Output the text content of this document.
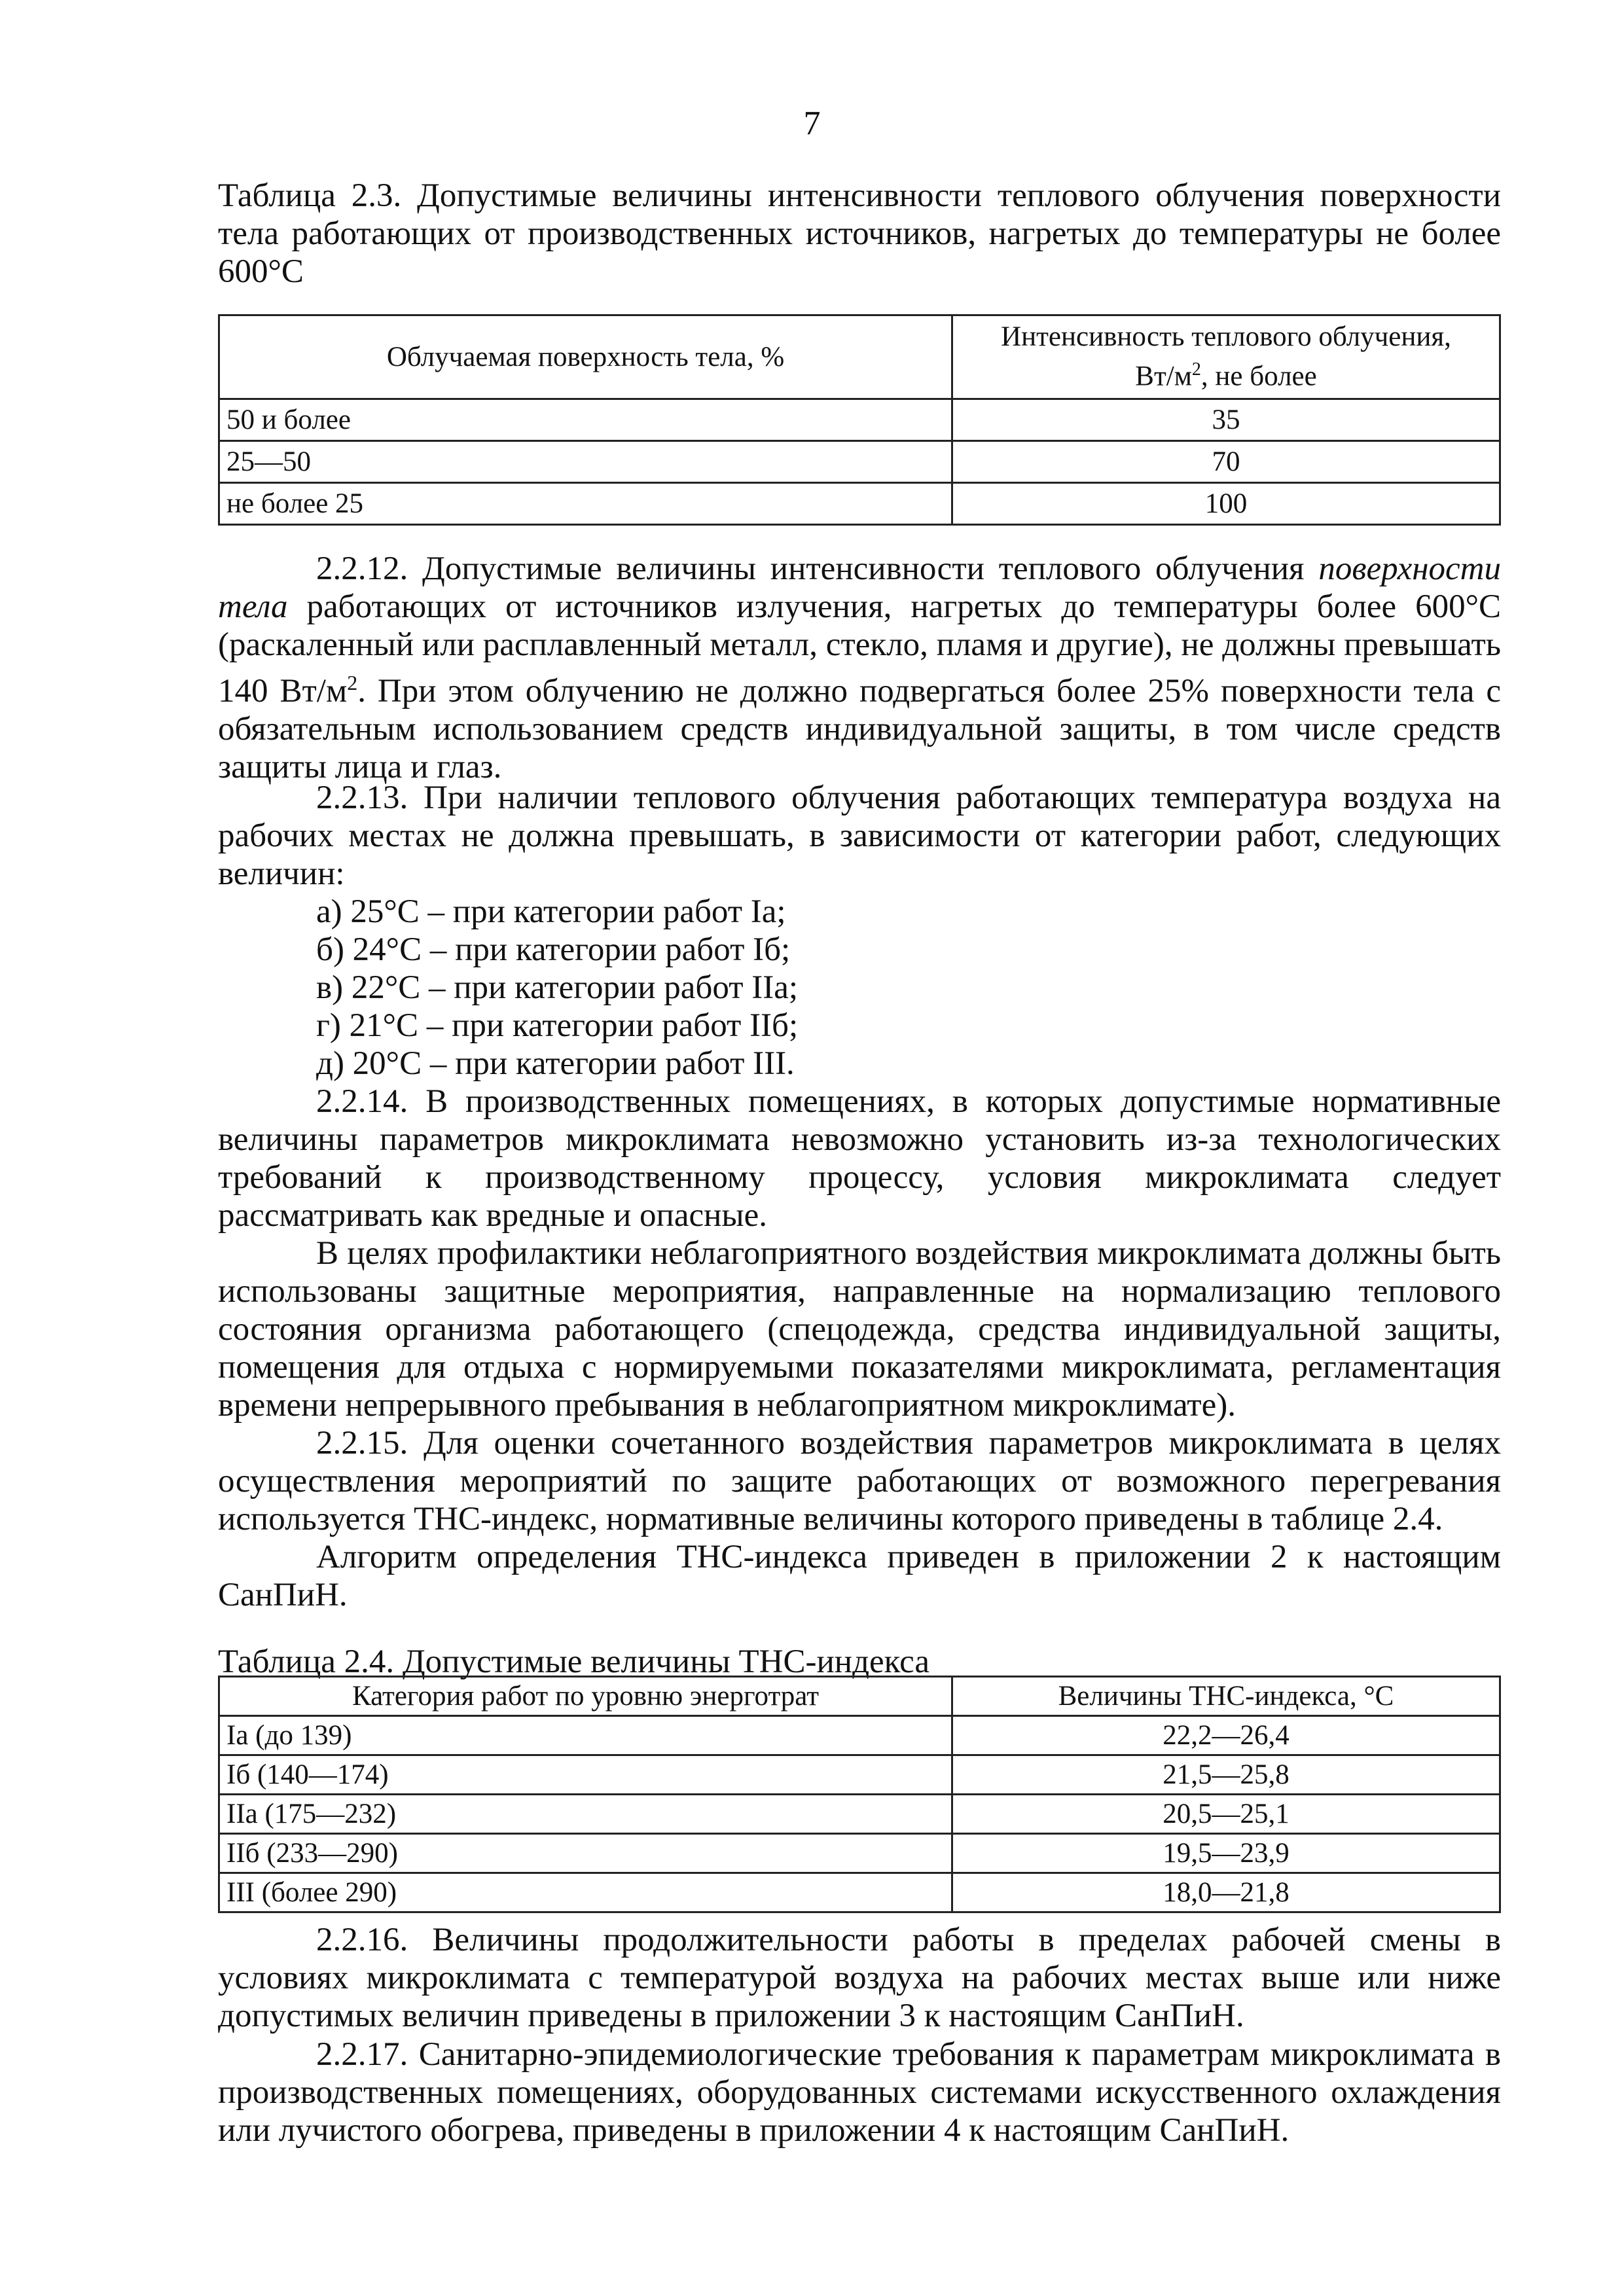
7
Таблица 2.3. Допустимые величины интенсивности теплового облучения поверхности тела работающих от производственных источников, нагретых до температуры не более 600°С
Облучаемая поверхность тела, %	Интенсивность теплового облучения,
$Вт/м^2$, не более
50 и более	35
25—50	70
не более 25	100
2.2.12. Допустимые величины интенсивности теплового облучения поверхности тела работающих от источников излучения, нагретых до температуры более 600°С (раскаленный или расплавленный металл, стекло, пламя и другие), не должны превышать 140 $Вт/м^2$. При этом облучению не должно подвергаться более 25% поверхности тела с обязательным использованием средств индивидуальной защиты, в том числе средств защиты лица и глаз.
2.2.13. При наличии теплового облучения работающих температура воздуха на рабочих местах не должна превышать, в зависимости от категории работ, следующих величин:
а) 25°С – при категории работ Iа;
б) 24°С – при категории работ Iб;
в) 22°С – при категории работ IIа;
г) 21°С – при категории работ IIб;
д) 20°С – при категории работ III.
2.2.14. В производственных помещениях, в которых допустимые нормативные величины параметров микроклимата невозможно установить из-за технологических требований к производственному процессу, условия микроклимата следует рассматривать как вредные и опасные.
В целях профилактики неблагоприятного воздействия микроклимата должны быть использованы защитные мероприятия, направленные на нормализацию теплового состояния организма работающего (спецодежда, средства индивидуальной защиты, помещения для отдыха с нормируемыми показателями микроклимата, регламентация времени непрерывного пребывания в неблагоприятном микроклимате).
2.2.15. Для оценки сочетанного воздействия параметров микроклимата в целях осуществления мероприятий по защите работающих от возможного перегревания используется ТНС-индекс, нормативные величины которого приведены в таблице 2.4.
Алгоритм определения ТНС-индекса приведен в приложении 2 к настоящим СанПиН.
Таблица 2.4. Допустимые величины ТНС-индекса
Категория работ по уровню энерготрат	Величины ТНС-индекса, °С
Iа (до 139)	22,2—26,4
Iб (140—174)	21,5—25,8
IIа (175—232)	20,5—25,1
IIб (233—290)	19,5—23,9
III (более 290)	18,0—21,8
2.2.16. Величины продолжительности работы в пределах рабочей смены в условиях микроклимата с температурой воздуха на рабочих местах выше или ниже допустимых величин приведены в приложении 3 к настоящим СанПиН.
2.2.17. Санитарно-эпидемиологические требования к параметрам микроклимата в производственных помещениях, оборудованных системами искусственного охлаждения или лучистого обогрева, приведены в приложении 4 к настоящим СанПиН.
